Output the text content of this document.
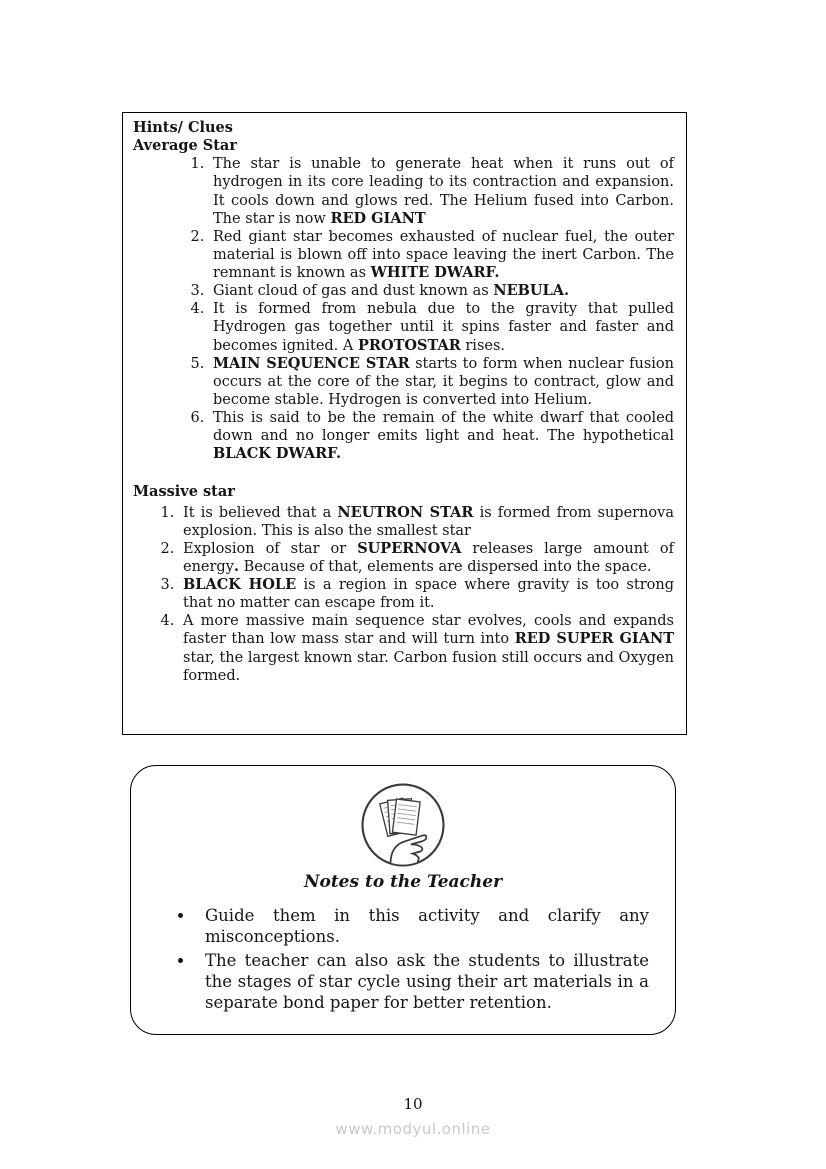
Hints/ Clues
Average Star
1. The star is unable to generate heat when it runs out of hydrogen in its core leading to its contraction and expansion. It cools down and glows red. The Helium fused into Carbon. The star is now RED GIANT
2. Red giant star becomes exhausted of nuclear fuel, the outer material is blown off into space leaving the inert Carbon. The remnant is known as WHITE DWARF.
3. Giant cloud of gas and dust known as NEBULA.
4. It is formed from nebula due to the gravity that pulled Hydrogen gas together until it spins faster and faster and becomes ignited. A PROTOSTAR rises.
5. MAIN SEQUENCE STAR starts to form when nuclear fusion occurs at the core of the star, it begins to contract, glow and become stable. Hydrogen is converted into Helium.
6. This is said to be the remain of the white dwarf that cooled down and no longer emits light and heat. The hypothetical BLACK DWARF.
Massive star
1. It is believed that a NEUTRON STAR is formed from supernova explosion. This is also the smallest star
2. Explosion of star or SUPERNOVA releases large amount of energy. Because of that, elements are dispersed into the space.
3. BLACK HOLE is a region in space where gravity is too strong that no matter can escape from it.
4. A more massive main sequence star evolves, cools and expands faster than low mass star and will turn into RED SUPER GIANT star, the largest known star. Carbon fusion still occurs and Oxygen formed.
Notes to the Teacher
• Guide them in this activity and clarify any misconceptions.
• The teacher can also ask the students to illustrate the stages of star cycle using their art materials in a separate bond paper for better retention.
10
www.modyul.online
